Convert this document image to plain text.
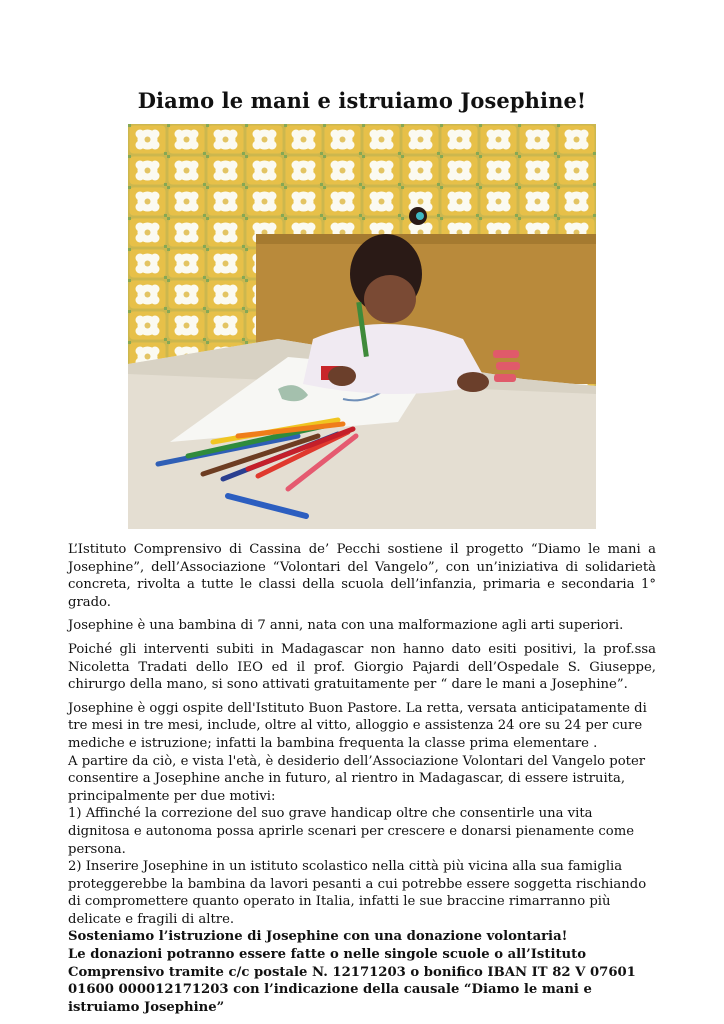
Diamo le mani e istruiamo Josephine!

L’Istituto Comprensivo di Cassina de’ Pecchi sostiene il progetto “Diamo le mani a Josephine”, dell’Associazione “Volontari del Vangelo”, con un’iniziativa di solidarietà concreta, rivolta a tutte le classi della scuola dell’infanzia, primaria e secondaria 1° grado.

Josephine è una bambina di 7 anni, nata con una malformazione agli arti superiori.

Poiché gli interventi subiti in Madagascar non hanno dato esiti positivi, la prof.ssa Nicoletta Tradati dello IEO ed il prof. Giorgio Pajardi dell’Ospedale S. Giuseppe, chirurgo della mano, si sono attivati gratuitamente per “ dare le mani a Josephine”.

Josephine è oggi ospite dell'Istituto Buon Pastore. La retta, versata anticipatamente di tre mesi in tre mesi, include, oltre al vitto, alloggio e assistenza 24 ore su 24 per cure mediche e istruzione; infatti la bambina frequenta la classe prima elementare .

A partire da ciò, e vista l'età, è desiderio dell’Associazione Volontari del Vangelo poter consentire a Josephine anche in futuro, al rientro in Madagascar, di essere istruita, principalmente per due motivi:

1) Affinché la correzione del suo grave handicap oltre che consentirle una vita dignitosa e autonoma possa aprirle scenari per crescere e donarsi pienamente come persona.

2) Inserire Josephine in un istituto scolastico nella città più vicina alla sua famiglia proteggerebbe la bambina da lavori pesanti a cui potrebbe essere soggetta rischiando di compromettere quanto operato in Italia, infatti le sue braccine rimarranno più delicate e fragili di altre.

Sosteniamo l’istruzione di Josephine con una donazione volontaria!

Le donazioni potranno essere fatte o nelle singole scuole o all’Istituto Comprensivo tramite c/c postale N. 12171203 o bonifico IBAN IT 82 V 07601 01600 000012171203 con l’indicazione della causale “Diamo le mani e istruiamo Josephine”
